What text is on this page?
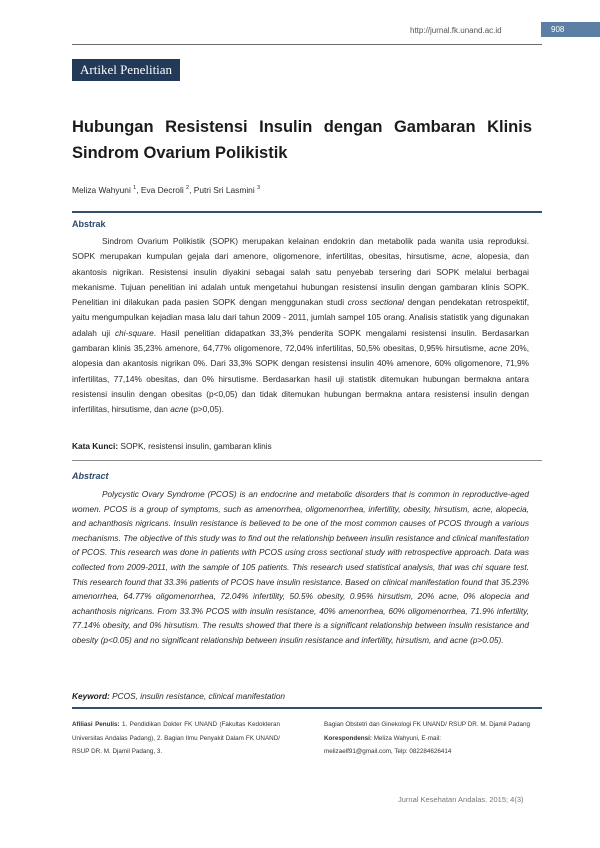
http://jurnal.fk.unand.ac.id	908
Artikel Penelitian
Hubungan Resistensi Insulin dengan Gambaran Klinis
Sindrom Ovarium Polikistik
Meliza Wahyuni $^1$, Eva Decroli $^2$, Putri Sri Lasmini $^3$
Abstrak

Sindrom Ovarium Polikistik (SOPK) merupakan kelainan endokrin dan metabolik pada wanita usia reproduksi. SOPK merupakan kumpulan gejala dari amenore, oligomenore, infertilitas, obesitas, hirsutisme, acne, alopesia, dan akantosis nigrikan. Resistensi insulin diyakini sebagai salah satu penyebab tersering dari SOPK melalui berbagai mekanisme. Tujuan penelitian ini adalah untuk mengetahui hubungan resistensi insulin dengan gambaran klinis SOPK. Penelitian ini dilakukan pada pasien SOPK dengan menggunakan studi cross sectional dengan pendekatan retrospektif, yaitu mengumpulkan kejadian masa lalu dari tahun 2009 - 2011, jumlah sampel 105 orang. Analisis statistik yang digunakan adalah uji chi-square. Hasil penelitian didapatkan 33,3% penderita SOPK mengalami resistensi insulin. Berdasarkan gambaran klinis 35,23% amenore, 64,77% oligomenore, 72,04% infertilitas, 50,5% obesitas, 0,95% hirsutisme, acne 20%, alopesia dan akantosis nigrikan 0%. Dari 33,3% SOPK dengan resistensi insulin 40% amenore, 60% oligomenore, 71,9% infertilitas, 77,14% obesitas, dan 0% hirsutisme. Berdasarkan hasil uji statistik ditemukan hubungan bermakna antara resistensi insulin dengan obesitas (p<0,05) dan tidak ditemukan hubungan bermakna antara resistensi insulin dengan infertilitas, hirsutisme, dan acne (p>0,05).

Kata Kunci: SOPK, resistensi insulin, gambaran klinis
Abstract

Polycystic Ovary Syndrome (PCOS) is an endocrine and metabolic disorders that is common in reproductive-aged women. PCOS is a group of symptoms, such as amenorrhea, oligomenorrhea, infertility, obesity, hirsutism, acne, alopecia, and achanthosis nigricans. Insulin resistance is believed to be one of the most common causes of PCOS through a various mechanisms. The objective of this study was to find out the relationship between insulin resistance and clinical manifestation of PCOS. This research was done in patients with PCOS using cross sectional study with retrospective approach. Data was collected from 2009-2011, with the sample of 105 patients. This research used statistical analysis, that was chi square test. This research found that 33.3% patients of PCOS have insulin resistance. Based on clinical manifestation found that 35.23% amenorrhea, 64.77% oligomenorrhea, 72.04% infertility, 50.5% obesity, 0.95% hirsutism, 20% acne, 0% alopecia and achanthosis nigricans. From 33.3% PCOS with insulin resistance, 40% amenorrhea, 60% oligomenorrhea, 71.9% infertility, 77.14% obesity, and 0% hirsutism. The results showed that there is a significant relationship between insulin resistance and obesity (p<0.05) and no significant relationship between insulin resistance and infertility, hirsutism, and acne (p>0.05).

Keyword: PCOS, insulin resistance, clinical manifestation

Afiliasi Penulis: 1. Pendidikan Dokter FK UNAND (Fakultas Kedokteran Universitas Andalas Padang), 2. Bagian Ilmu Penyakit Dalam FK UNAND/ RSUP DR. M. Djamil Padang, 3.

Bagian Obstetri dan Ginekologi FK UNAND/ RSUP DR. M. Djamil Padang
Korespondensi: Meliza Wahyuni, E-mail:
melizaelf91@gmail.com, Telp: 082284626414

Jurnal Kesehatan Andalas. 2015; 4(3)
